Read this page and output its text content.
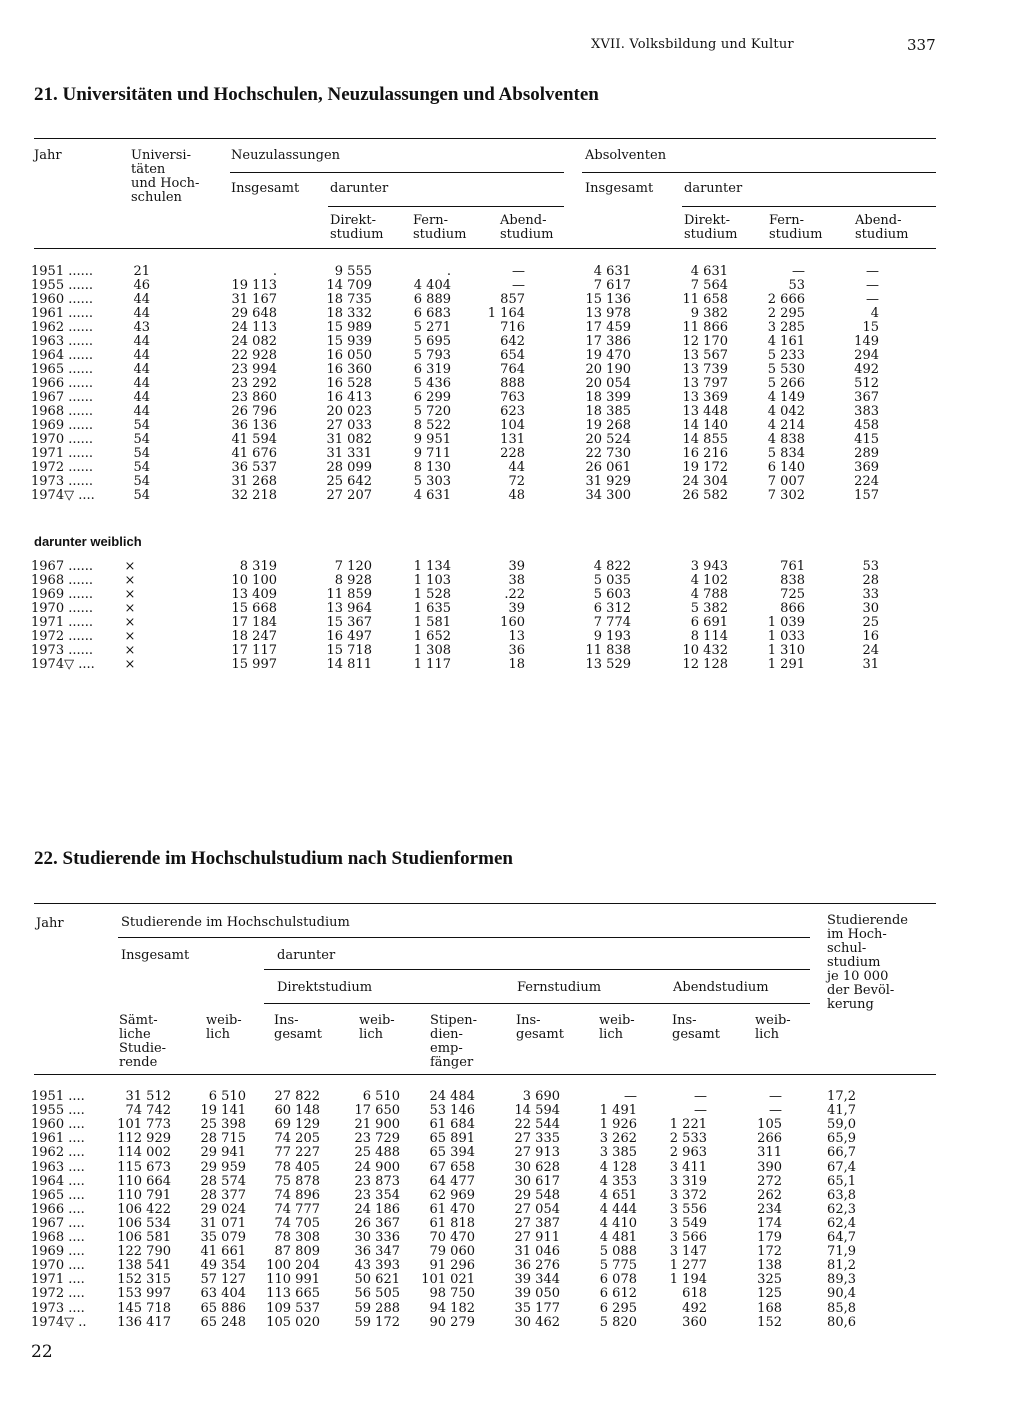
XVII. Volksbildung und Kultur	337
21. Universitäten und Hochschulen, Neuzulassungen und Absolventen
Jahr	Universi-
täten
und Hoch-
schulen
Neuzulassungen	Absolventen
Insgesamt darunter	Insgesamt darunter
Direkt-
studium
Fern-
studium
Abend-
studium
Direkt-
studium
Fern-
studium
Abend-
studium
1951 ......	21	.	9 555	.	—	4 631	4 631	—	—
1955 ......	46	19 113	14 709	4 404	—	7 617	7 564	53	—
1960 ......	44	31 167	18 735	6 889	857	15 136	11 658	2 666	—
1961 ......	44	29 648	18 332	6 683	1 164	13 978	9 382	2 295	4
1962 ......	43	24 113	15 989	5 271	716	17 459	11 866	3 285	15
1963 ......	44	24 082	15 939	5 695	642	17 386	12 170	4 161	149
1964 ......	44	22 928	16 050	5 793	654	19 470	13 567	5 233	294
1965 ......	44	23 994	16 360	6 319	764	20 190	13 739	5 530	492
1966 ......	44	23 292	16 528	5 436	888	20 054	13 797	5 266	512
1967 ......	44	23 860	16 413	6 299	763	18 399	13 369	4 149	367
1968 ......	44	26 796	20 023	5 720	623	18 385	13 448	4 042	383
1969 ......	54	36 136	27 033	8 522	104	19 268	14 140	4 214	458
1970 ......	54	41 594	31 082	9 951	131	20 524	14 855	4 838	415
1971 ......	54	41 676	31 331	9 711	228	22 730	16 216	5 834	289
1972 ......	54	36 537	28 099	8 130	44	26 061	19 172	6 140	369
1973 ......	54	31 268	25 642	5 303	72	31 929	24 304	7 007	224
1974▽ ....	54	32 218	27 207	4 631	48	34 300	26 582	7 302	157
darunter weiblich
1967 ......	×	8 319	7 120	1 134	39	4 822	3 943	761	53
1968 ......	×	10 100	8 928	1 103	38	5 035	4 102	838	28
1969 ......	×	13 409	11 859	1 528	.22	5 603	4 788	725	33
1970 ......	×	15 668	13 964	1 635	39	6 312	5 382	866	30
1971 ......	×	17 184	15 367	1 581	160	7 774	6 691	1 039	25
1972 ......	×	18 247	16 497	1 652	13	9 193	8 114	1 033	16
1973 ......	×	17 117	15 718	1 308	36	11 838	10 432	1 310	24
1974▽ ....	×	15 997	14 811	1 117	18	13 529	12 128	1 291	31
22. Studierende im Hochschulstudium nach Studienformen
Jahr	Studierende im Hochschulstudium	Studierende
im Hoch-
schul-
studium
je 10 000
der Bevöl-
kerung
Insgesamt	darunter
Direktstudium	Fernstudium	Abendstudium
Sämt-
liche
Studie-
rende
weib-
lich
Ins-
gesamt
weib-
lich
Stipen-
dien-
emp-
fänger
Ins-
gesamt
weib-
lich
Ins-
gesamt
weib-
lich
1951 ....	31 512	6 510	27 822	6 510	24 484	3 690	—	—	—	17,2
1955 ....	74 742	19 141	60 148	17 650	53 146	14 594	1 491	—	—	41,7
1960 ....	101 773	25 398	69 129	21 900	61 684	22 544	1 926	1 221	105	59,0
1961 ....	112 929	28 715	74 205	23 729	65 891	27 335	3 262	2 533	266	65,9
1962 ....	114 002	29 941	77 227	25 488	65 394	27 913	3 385	2 963	311	66,7
1963 ....	115 673	29 959	78 405	24 900	67 658	30 628	4 128	3 411	390	67,4
1964 ....	110 664	28 574	75 878	23 873	64 477	30 617	4 353	3 319	272	65,1
1965 ....	110 791	28 377	74 896	23 354	62 969	29 548	4 651	3 372	262	63,8
1966 ....	106 422	29 024	74 777	24 186	61 470	27 054	4 444	3 556	234	62,3
1967 ....	106 534	31 071	74 705	26 367	61 818	27 387	4 410	3 549	174	62,4
1968 ....	106 581	35 079	78 308	30 336	70 470	27 911	4 481	3 566	179	64,7
1969 ....	122 790	41 661	87 809	36 347	79 060	31 046	5 088	3 147	172	71,9
1970 ....	138 541	49 354	100 204	43 393	91 296	36 276	5 775	1 277	138	81,2
1971 ....	152 315	57 127	110 991	50 621	101 021	39 344	6 078	1 194	325	89,3
1972 ....	153 997	63 404	113 665	56 505	98 750	39 050	6 612	618	125	90,4
1973 ....	145 718	65 886	109 537	59 288	94 182	35 177	6 295	492	168	85,8
1974▽ ..	136 417	65 248	105 020	59 172	90 279	30 462	5 820	360	152	80,6
22
